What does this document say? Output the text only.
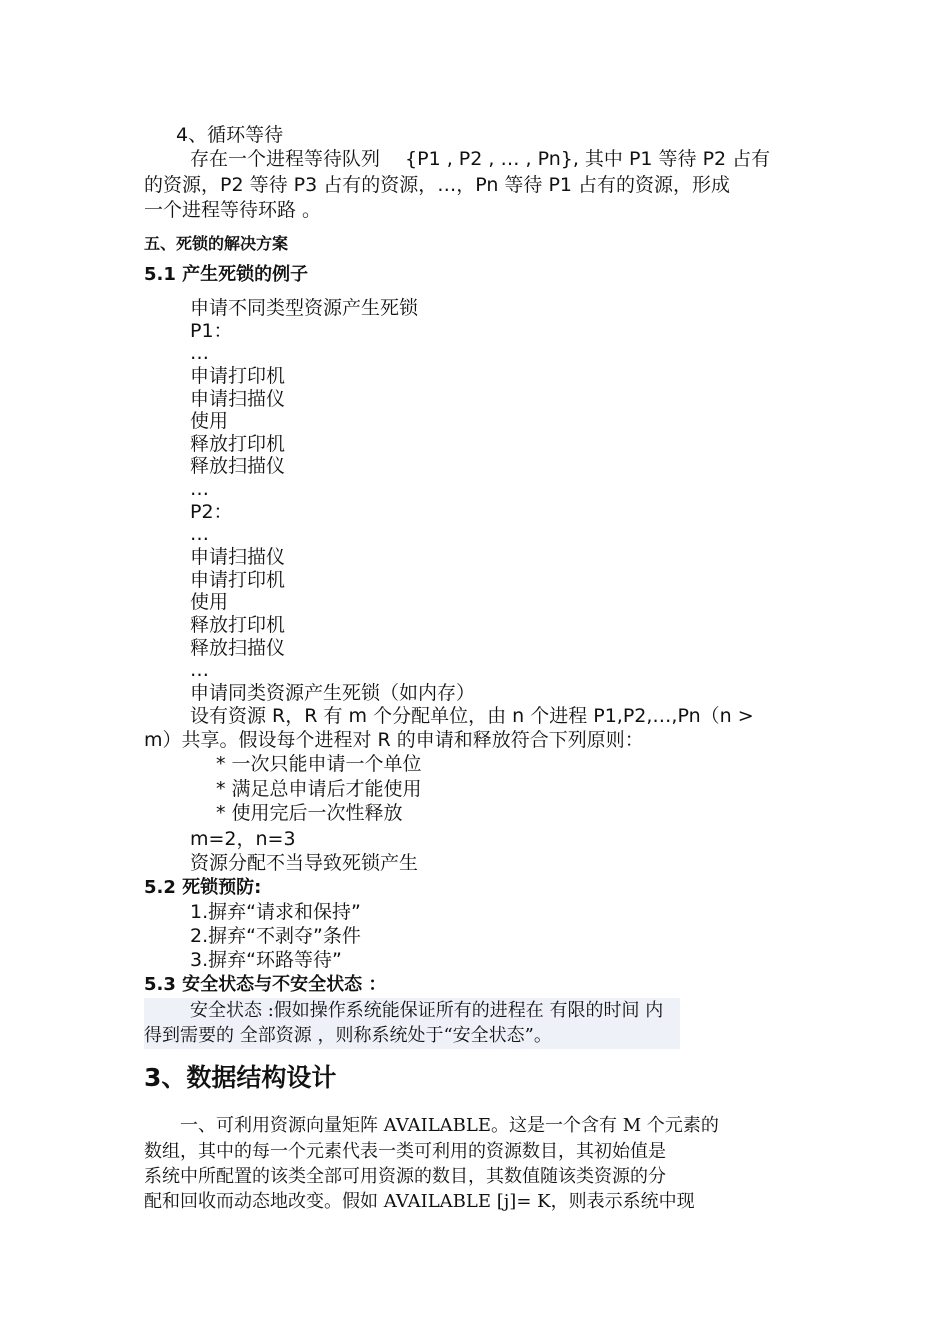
4、循环等待
存在一个进程等待队列　 {P1 , P2 , … , Pn}, 其中 P1 等待 P2 占有
的资源，P2 等待 P3 占有的资源，…，Pn 等待 P1 占有的资源，形成
一个进程等待环路 。
五、死锁的解决方案
5.1 产生死锁的例子
申请不同类型资源产生死锁
P1：
…
申请打印机
申请扫描仪
使用
释放打印机
释放扫描仪
…
P2：
…
申请扫描仪
申请打印机
使用
释放打印机
释放扫描仪
…
申请同类资源产生死锁（如内存）
设有资源 R，R 有 m 个分配单位，由 n 个进程 P1,P2,…,Pn（n >
m）共享。假设每个进程对 R 的申请和释放符合下列原则：
* 一次只能申请一个单位
* 满足总申请后才能使用
* 使用完后一次性释放
m=2，n=3
资源分配不当导致死锁产生
5.2 死锁预防:
1.摒弃“请求和保持”
2.摒弃“不剥夺”条件
3.摒弃“环路等待”
5.3 安全状态与不安全状态 ：
安全状态 :假如操作系统能保证所有的进程在 有限的时间 内
得到需要的 全部资源 ，则称系统处于“安全状态”。
3、数据结构设计
一、可利用资源向量矩阵 AVAILABLE。这是一个含有 M 个元素的
数组，其中的每一个元素代表一类可利用的资源数目，其初始值是
系统中所配置的该类全部可用资源的数目，其数值随该类资源的分
配和回收而动态地改变。假如 AVAILABLE [j]= K，则表示系统中现
